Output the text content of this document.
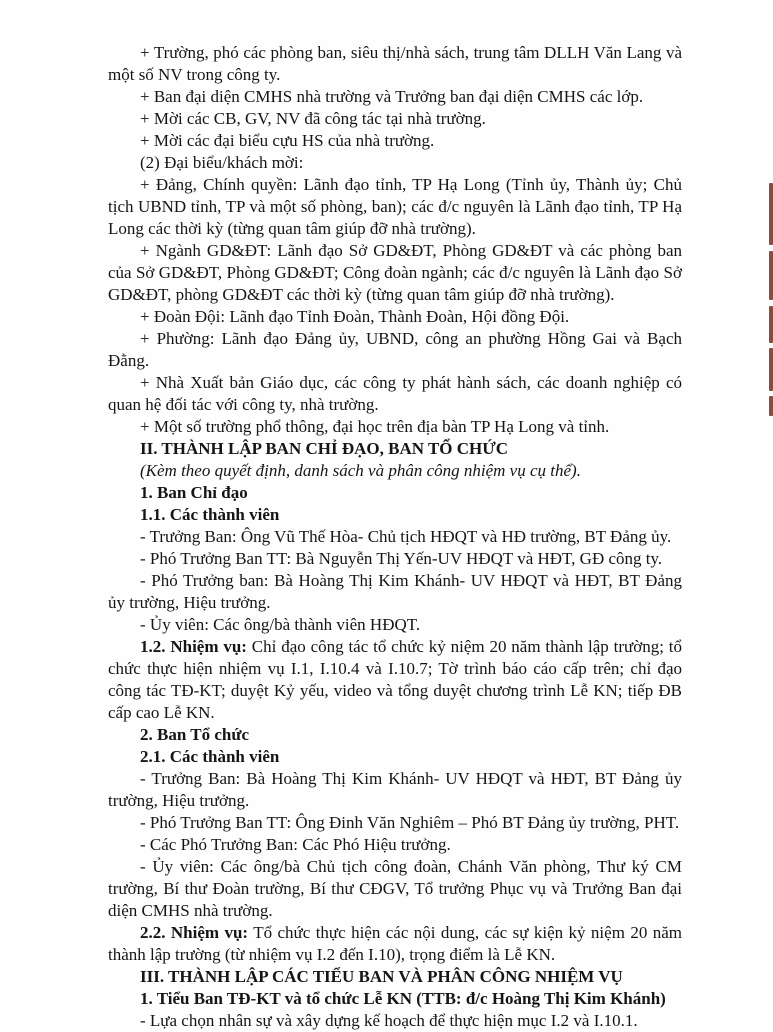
+ Trường, phó các phòng ban, siêu thị/nhà sách, trung tâm DLLH Văn Lang và một số NV trong công ty.

+ Ban đại diện CMHS nhà trường và Trưởng ban đại diện CMHS các lớp.

+ Mời các CB, GV, NV đã công tác tại nhà trường.

+ Mời các đại biểu cựu HS của nhà trường.

(2) Đại biểu/khách mời:

+ Đảng, Chính quyền: Lãnh đạo tỉnh, TP Hạ Long (Tỉnh ủy, Thành ủy; Chủ tịch UBND tỉnh, TP và một số phòng, ban); các đ/c nguyên là Lãnh đạo tỉnh, TP Hạ Long các thời kỳ (từng quan tâm giúp đỡ nhà trường).

+ Ngành GD&ĐT: Lãnh đạo Sở GD&ĐT, Phòng GD&ĐT và các phòng ban của Sở GD&ĐT, Phòng GD&ĐT; Công đoàn ngành; các đ/c nguyên là Lãnh đạo Sở GD&ĐT, phòng GD&ĐT các thời kỳ (từng quan tâm giúp đỡ nhà trường).

+ Đoàn Đội: Lãnh đạo Tỉnh Đoàn, Thành Đoàn, Hội đồng Đội.

+ Phường: Lãnh đạo Đảng ủy, UBND, công an phường Hồng Gai và Bạch Đằng.

+ Nhà Xuất bản Giáo dục, các công ty phát hành sách, các doanh nghiệp có quan hệ đối tác với công ty, nhà trường.

+ Một số trường phổ thông, đại học trên địa bàn TP Hạ Long và tỉnh.

II. THÀNH LẬP BAN CHỈ ĐẠO, BAN TỔ CHỨC

(Kèm theo quyết định, danh sách và phân công nhiệm vụ cụ thể).

1. Ban Chỉ đạo

1.1. Các thành viên

- Trưởng Ban: Ông Vũ Thế Hòa- Chủ tịch HĐQT và HĐ trường, BT Đảng ủy.

- Phó Trưởng Ban TT: Bà Nguyễn Thị Yến-UV HĐQT và HĐT, GĐ công ty.

- Phó Trưởng ban: Bà Hoàng Thị Kim Khánh- UV HĐQT và HĐT, BT Đảng ủy trường, Hiệu trưởng.

- Ủy viên: Các ông/bà thành viên HĐQT.

1.2. Nhiệm vụ: Chỉ đạo công tác tổ chức kỷ niệm 20 năm thành lập trường; tổ chức thực hiện nhiệm vụ I.1, I.10.4 và I.10.7; Tờ trình báo cáo cấp trên; chỉ đạo công tác TĐ-KT; duyệt Kỷ yếu, video và tổng duyệt chương trình Lễ KN; tiếp ĐB cấp cao Lễ KN.

2. Ban Tổ chức

2.1. Các thành viên

- Trưởng Ban: Bà Hoàng Thị Kim Khánh- UV HĐQT và HĐT, BT Đảng ủy trường, Hiệu trưởng.

- Phó Trưởng Ban TT: Ông Đinh Văn Nghiêm – Phó BT Đảng ủy trường, PHT.

- Các Phó Trưởng Ban: Các Phó Hiệu trưởng.

- Ủy viên: Các ông/bà Chủ tịch công đoàn, Chánh Văn phòng, Thư ký CM trường, Bí thư Đoàn trường, Bí thư CĐGV, Tổ trưởng Phục vụ và Trưởng Ban đại diện CMHS nhà trường.

2.2. Nhiệm vụ: Tổ chức thực hiện các nội dung, các sự kiện kỷ niệm 20 năm thành lập trường (từ nhiệm vụ I.2 đến I.10), trọng điểm là Lễ KN.

III. THÀNH LẬP CÁC TIỂU BAN VÀ PHÂN CÔNG NHIỆM VỤ

1. Tiểu Ban TĐ-KT và tổ chức Lễ KN (TTB: đ/c Hoàng Thị Kim Khánh)

- Lựa chọn nhân sự và xây dựng kế hoạch để thực hiện mục I.2 và I.10.1.
